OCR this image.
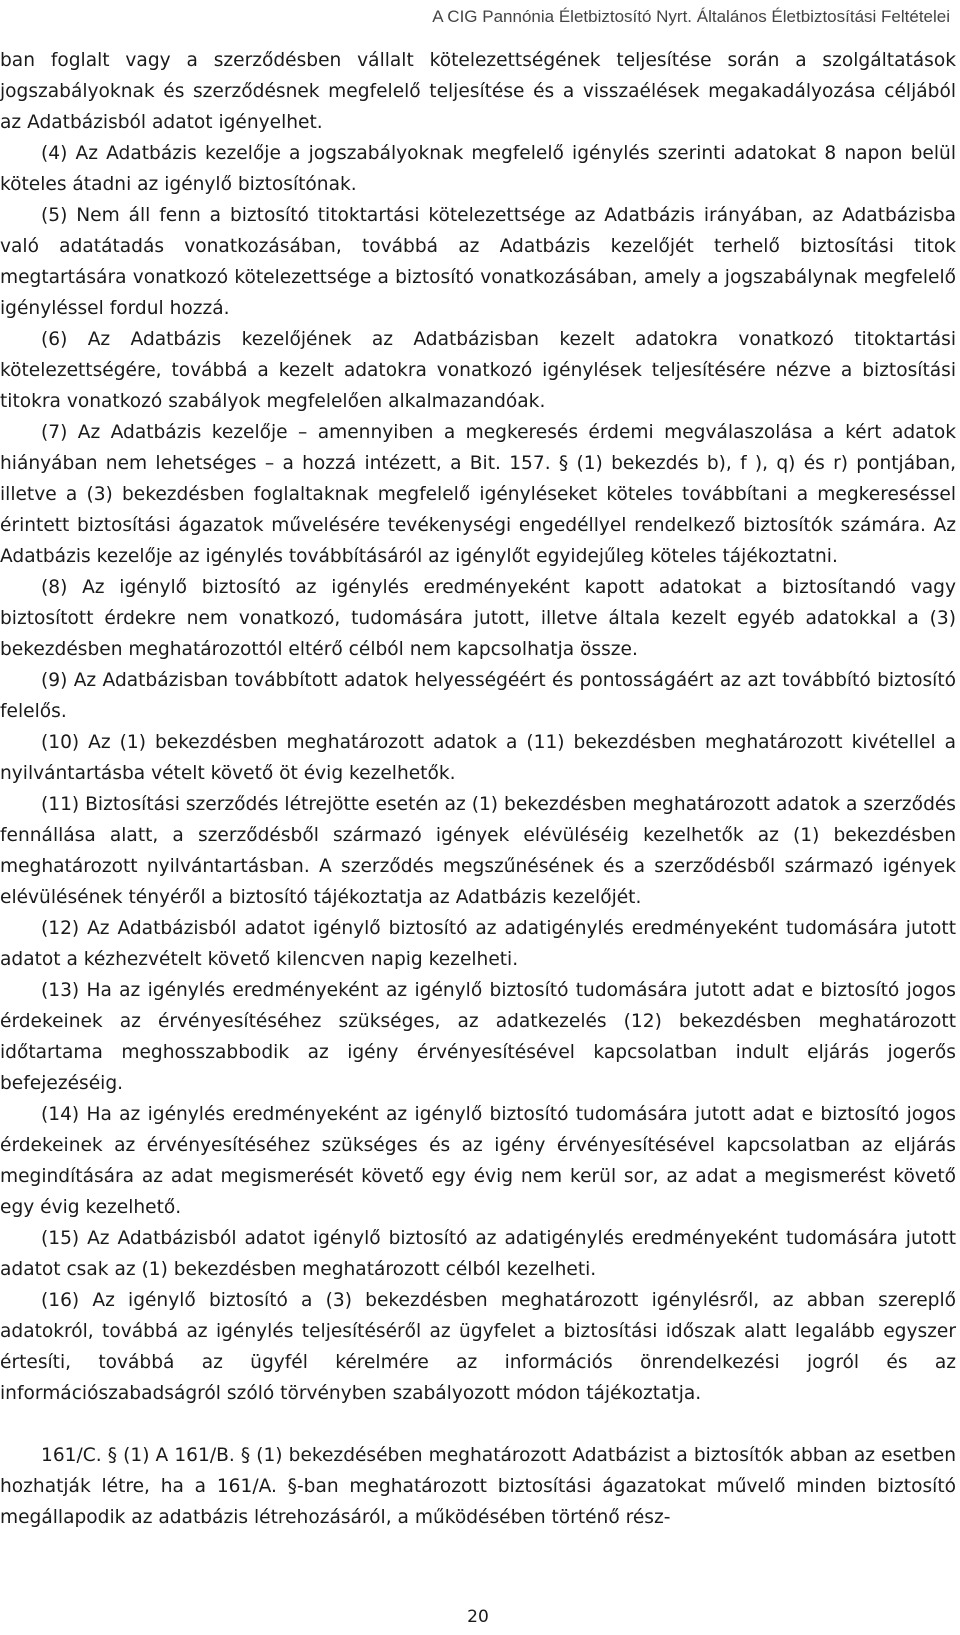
A CIG Pannónia Életbiztosító Nyrt. Általános Életbiztosítási Feltételei

ban foglalt vagy a szerződésben vállalt kötelezettségének teljesítése során a szolgáltatások jogszabályoknak és szerződésnek megfelelő teljesítése és a visszaélések megakadályozása céljából az Adatbázisból adatot igényelhet.

(4) Az Adatbázis kezelője a jogszabályoknak megfelelő igénylés szerinti adatokat 8 napon belül köteles átadni az igénylő biztosítónak.

(5) Nem áll fenn a biztosító titoktartási kötelezettsége az Adatbázis irányában, az Adatbázisba való adatátadás vonatkozásában, továbbá az Adatbázis kezelőjét terhelő biztosítási titok megtartására vonatkozó kötelezettsége a biztosító vonatkozásában, amely a jogszabálynak megfelelő igényléssel fordul hozzá.

(6) Az Adatbázis kezelőjének az Adatbázisban kezelt adatokra vonatkozó titoktartási kötelezettségére, továbbá a kezelt adatokra vonatkozó igénylések teljesítésére nézve a biztosítási titokra vonatkozó szabályok megfelelően alkalmazandóak.

(7) Az Adatbázis kezelője – amennyiben a megkeresés érdemi megválaszolása a kért adatok hiányában nem lehetséges – a hozzá intézett, a Bit. 157. § (1) bekezdés b), f ), q) és r) pontjában, illetve a (3) bekezdésben foglaltaknak megfelelő igényléseket köteles továbbítani a megkereséssel érintett biztosítási ágazatok művelésére tevékenységi engedéllyel rendelkező biztosítók számára. Az Adatbázis kezelője az igénylés továbbításáról az igénylőt egyidejűleg köteles tájékoztatni.

(8) Az igénylő biztosító az igénylés eredményeként kapott adatokat a biztosítandó vagy biztosított érdekre nem vonatkozó, tudomására jutott, illetve általa kezelt egyéb adatokkal a (3) bekezdésben meghatározottól eltérő célból nem kapcsolhatja össze.

(9) Az Adatbázisban továbbított adatok helyességéért és pontosságáért az azt továbbító biztosító felelős.

(10) Az (1) bekezdésben meghatározott adatok a (11) bekezdésben meghatározott kivétellel a nyilvántartásba vételt követő öt évig kezelhetők.

(11) Biztosítási szerződés létrejötte esetén az (1) bekezdésben meghatározott adatok a szerződés fennállása alatt, a szerződésből származó igények elévüléséig kezelhetők az (1) bekezdésben meghatározott nyilvántartásban. A szerződés megszűnésének és a szerződésből származó igények elévülésének tényéről a biztosító tájékoztatja az Adatbázis kezelőjét.

(12) Az Adatbázisból adatot igénylő biztosító az adatigénylés eredményeként tudomására jutott adatot a kézhezvételt követő kilencven napig kezelheti.

(13) Ha az igénylés eredményeként az igénylő biztosító tudomására jutott adat e biztosító jogos érdekeinek az érvényesítéséhez szükséges, az adatkezelés (12) bekezdésben meghatározott időtartama meghosszabbodik az igény érvényesítésével kapcsolatban indult eljárás jogerős befejezéséig.

(14) Ha az igénylés eredményeként az igénylő biztosító tudomására jutott adat e biztosító jogos érdekeinek az érvényesítéséhez szükséges és az igény érvényesítésével kapcsolatban az eljárás megindítására az adat megismerését követő egy évig nem kerül sor, az adat a megismerést követő egy évig kezelhető.

(15) Az Adatbázisból adatot igénylő biztosító az adatigénylés eredményeként tudomására jutott adatot csak az (1) bekezdésben meghatározott célból kezelheti.

(16) Az igénylő biztosító a (3) bekezdésben meghatározott igénylésről, az abban szereplő adatokról, továbbá az igénylés teljesítéséről az ügyfelet a biztosítási időszak alatt legalább egyszer értesíti, továbbá az ügyfél kérelmére az információs önrendelkezési jogról és az információszabadságról szóló törvényben szabályozott módon tájékoztatja.

161/C. § (1) A 161/B. § (1) bekezdésében meghatározott Adatbázist a biztosítók abban az esetben hozhatják létre, ha a 161/A. §-ban meghatározott biztosítási ágazatokat művelő minden biztosító megállapodik az adatbázis létrehozásáról, a működésében történő rész-

20
